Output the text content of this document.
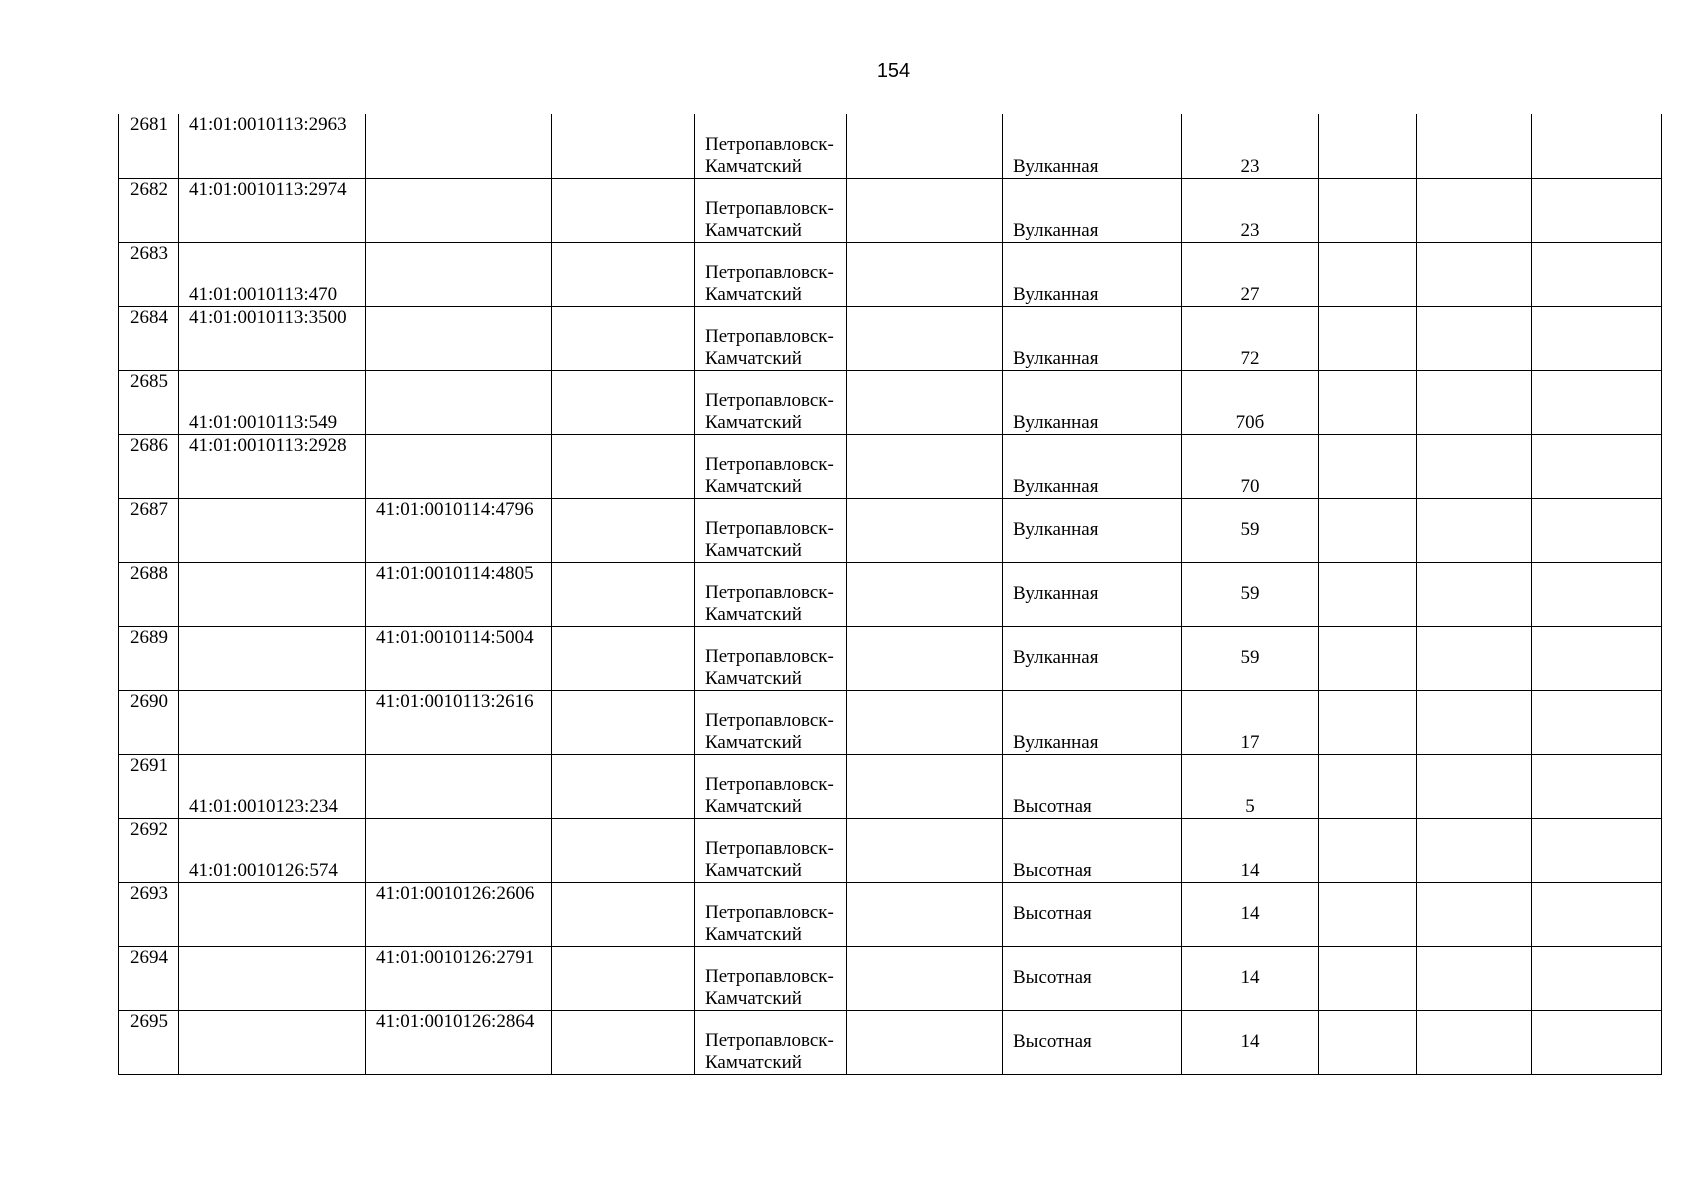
154
2681	41:01:0010113:2963			Петропавловск-Камчатский		Вулканная	23			
2682	41:01:0010113:2974			Петропавловск-Камчатский		Вулканная	23			
2683	41:01:0010113:470			Петропавловск-Камчатский		Вулканная	27			
2684	41:01:0010113:3500			Петропавловск-Камчатский		Вулканная	72			
2685	41:01:0010113:549			Петропавловск-Камчатский		Вулканная	70б			
2686	41:01:0010113:2928			Петропавловск-Камчатский		Вулканная	70			
2687		41:01:0010114:4796		Петропавловск-Камчатский		Вулканная	59			
2688		41:01:0010114:4805		Петропавловск-Камчатский		Вулканная	59			
2689		41:01:0010114:5004		Петропавловск-Камчатский		Вулканная	59			
2690		41:01:0010113:2616		Петропавловск-Камчатский		Вулканная	17			
2691	41:01:0010123:234			Петропавловск-Камчатский		Высотная	5			
2692	41:01:0010126:574			Петропавловск-Камчатский		Высотная	14			
2693		41:01:0010126:2606		Петропавловск-Камчатский		Высотная	14			
2694		41:01:0010126:2791		Петропавловск-Камчатский		Высотная	14			
2695		41:01:0010126:2864		Петропавловск-Камчатский		Высотная	14			
